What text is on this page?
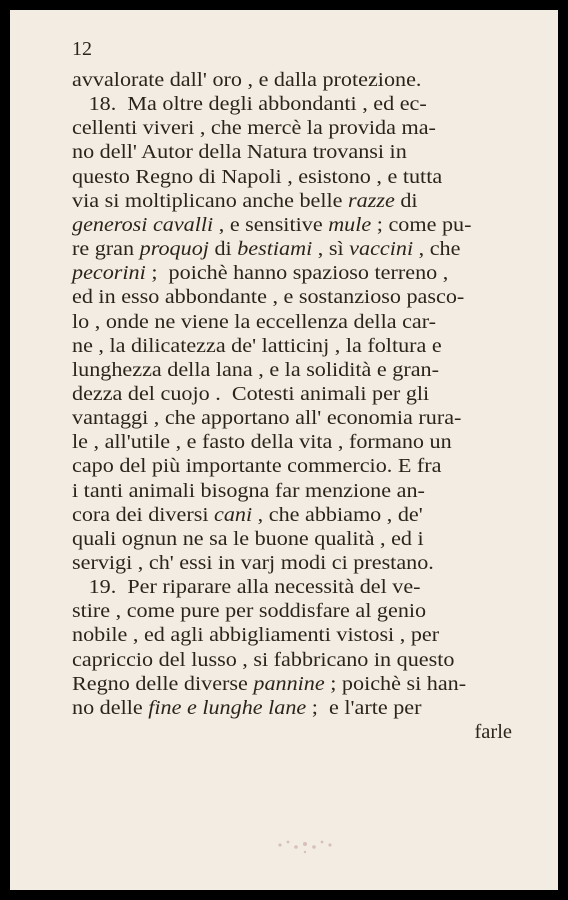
12
avvalorate dall' oro , e dalla protezione.
18.  Ma oltre degli abbondanti , ed ec-
cellenti viveri , che mercè la provida ma-
no dell' Autor della Natura trovansi in
questo Regno di Napoli , esistono , e tutta
via si moltiplicano anche belle razze di
generosi cavalli , e sensitive mule ; come pu-
re gran proquoj di bestiami , sì vaccini , che
pecorini ;  poichè hanno spazioso terreno ,
ed in esso abbondante , e sostanzioso pasco-
lo , onde ne viene la eccellenza della car-
ne , la dilicatezza de' latticinj , la foltura e
lunghezza della lana , e la solidità e gran-
dezza del cuojo .  Cotesti animali per gli
vantaggi , che apportano all' economia rura-
le , all'utile , e fasto della vita , formano un
capo del più importante commercio. E fra
i tanti animali bisogna far menzione an-
cora dei diversi cani , che abbiamo , de'
quali ognun ne sa le buone qualità , ed i
servigi , ch' essi in varj modi ci prestano.
19.  Per riparare alla necessità del ve-
stire , come pure per soddisfare al genio
nobile , ed agli abbigliamenti vistosi , per
capriccio del lusso , si fabbricano in questo
Regno delle diverse pannine ; poichè si han-
no delle fine e lunghe lane ;  e l'arte per
farle
